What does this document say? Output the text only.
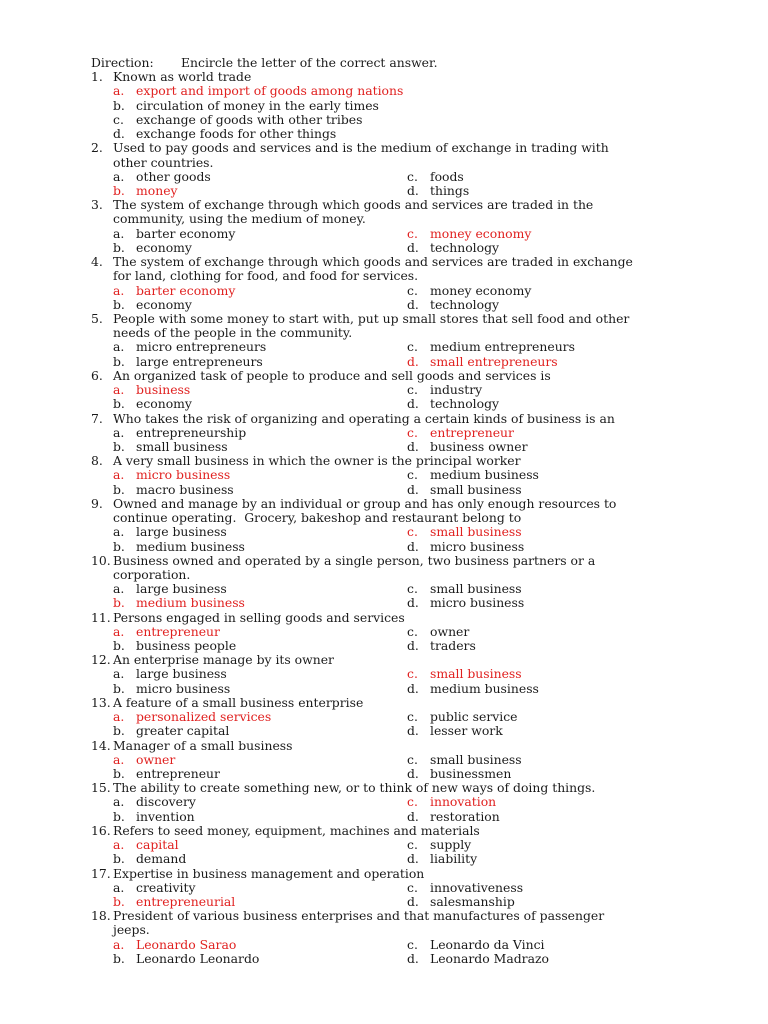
Direction: Encircle the letter of the correct answer.
1. Known as world trade
a. export and import of goods among nations
b. circulation of money in the early times
c. exchange of goods with other tribes
d. exchange foods for other things
2. Used to pay goods and services and is the medium of exchange in trading with
other countries.
a. other goods	c. foods
b. money	d. things
3. The system of exchange through which goods and services are traded in the
community, using the medium of money.
a. barter economy	c. money economy
b. economy	d. technology
4. The system of exchange through which goods and services are traded in exchange
for land, clothing for food, and food for services.
a. barter economy	c. money economy
b. economy	d. technology
5. People with some money to start with, put up small stores that sell food and other
needs of the people in the community.
a. micro entrepreneurs	c. medium entrepreneurs
b. large entrepreneurs	d. small entrepreneurs
6. An organized task of people to produce and sell goods and services is
a. business	c. industry
b. economy	d. technology
7. Who takes the risk of organizing and operating a certain kinds of business is an
a. entrepreneurship	c. entrepreneur
b. small business	d. business owner
8. A very small business in which the owner is the principal worker
a. micro business	c. medium business
b. macro business	d. small business
9. Owned and manage by an individual or group and has only enough resources to
continue operating.  Grocery, bakeshop and restaurant belong to
a. large business	c. small business
b. medium business	d. micro business
10. Business owned and operated by a single person, two business partners or a
corporation.
a. large business	c. small business
b. medium business	d. micro business
11. Persons engaged in selling goods and services
a. entrepreneur	c. owner
b. business people	d. traders
12. An enterprise manage by its owner
a. large business	c. small business
b. micro business	d. medium business
13. A feature of a small business enterprise
a. personalized services	c. public service
b. greater capital	d. lesser work
14. Manager of a small business
a. owner	c. small business
b. entrepreneur	d. businessmen
15. The ability to create something new, or to think of new ways of doing things.
a. discovery	c. innovation
b. invention	d. restoration
16. Refers to seed money, equipment, machines and materials
a. capital	c. supply
b. demand	d. liability
17. Expertise in business management and operation
a. creativity	c. innovativeness
b. entrepreneurial	d. salesmanship
18. President of various business enterprises and that manufactures of passenger
jeeps.
a. Leonardo Sarao	c. Leonardo da Vinci
b. Leonardo Leonardo	d. Leonardo Madrazo
